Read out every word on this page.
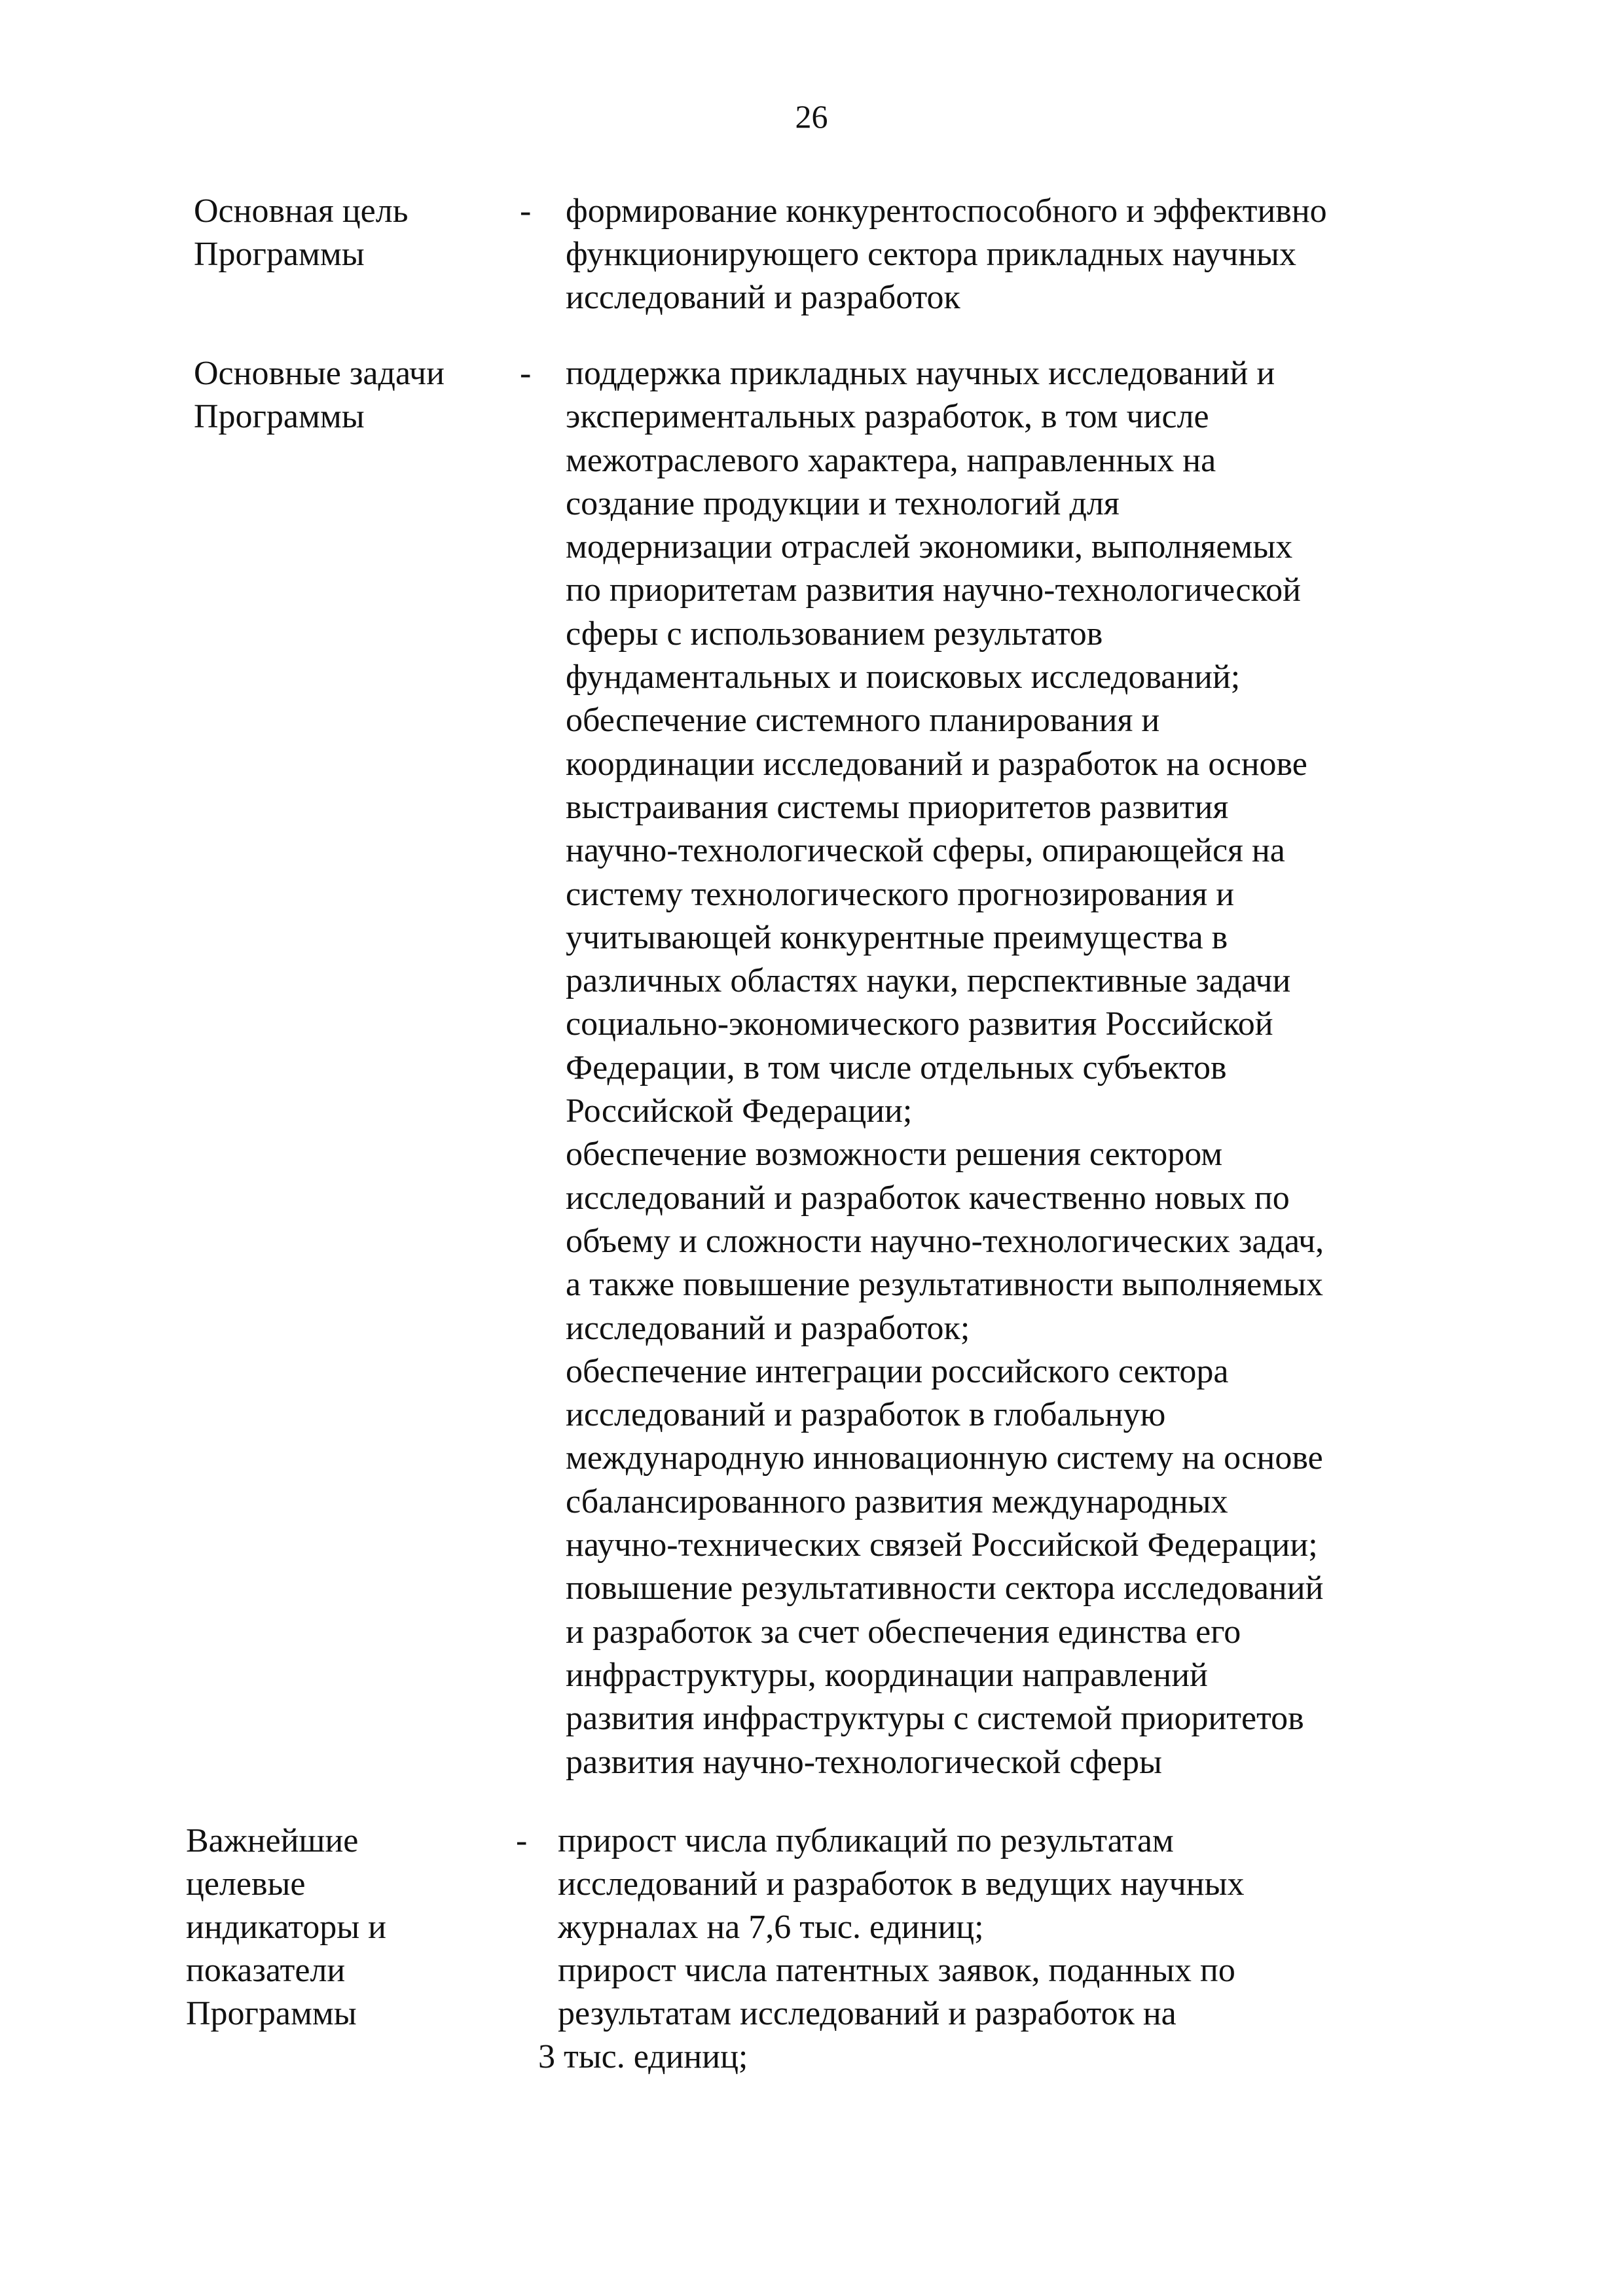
26
Основная цель
Программы
- формирование конкурентоспособного и эффективно
функционирующего сектора прикладных научных
исследований и разработок
Основные задачи
Программы
- поддержка прикладных научных исследований и
экспериментальных разработок, в том числе
межотраслевого характера, направленных на
создание продукции и технологий для
модернизации отраслей экономики, выполняемых
по приоритетам развития научно-технологической
сферы с использованием результатов
фундаментальных и поисковых исследований;
обеспечение системного планирования и
координации исследований и разработок на основе
выстраивания системы приоритетов развития
научно-технологической сферы, опирающейся на
систему технологического прогнозирования и
учитывающей конкурентные преимущества в
различных областях науки, перспективные задачи
социально-экономического развития Российской
Федерации, в том числе отдельных субъектов
Российской Федерации;
обеспечение возможности решения сектором
исследований и разработок качественно новых по
объему и сложности научно-технологических задач,
а также повышение результативности выполняемых
исследований и разработок;
обеспечение интеграции российского сектора
исследований и разработок в глобальную
международную инновационную систему на основе
сбалансированного развития международных
научно-технических связей Российской Федерации;
повышение результативности сектора исследований
и разработок за счет обеспечения единства его
инфраструктуры, координации направлений
развития инфраструктуры с системой приоритетов
развития научно-технологической сферы
Важнейшие
целевые
индикаторы и
показатели
Программы
- прирост числа публикаций по результатам
исследований и разработок в ведущих научных
журналах на 7,6 тыс. единиц;
прирост числа патентных заявок, поданных по
результатам исследований и разработок на
3 тыс. единиц;
